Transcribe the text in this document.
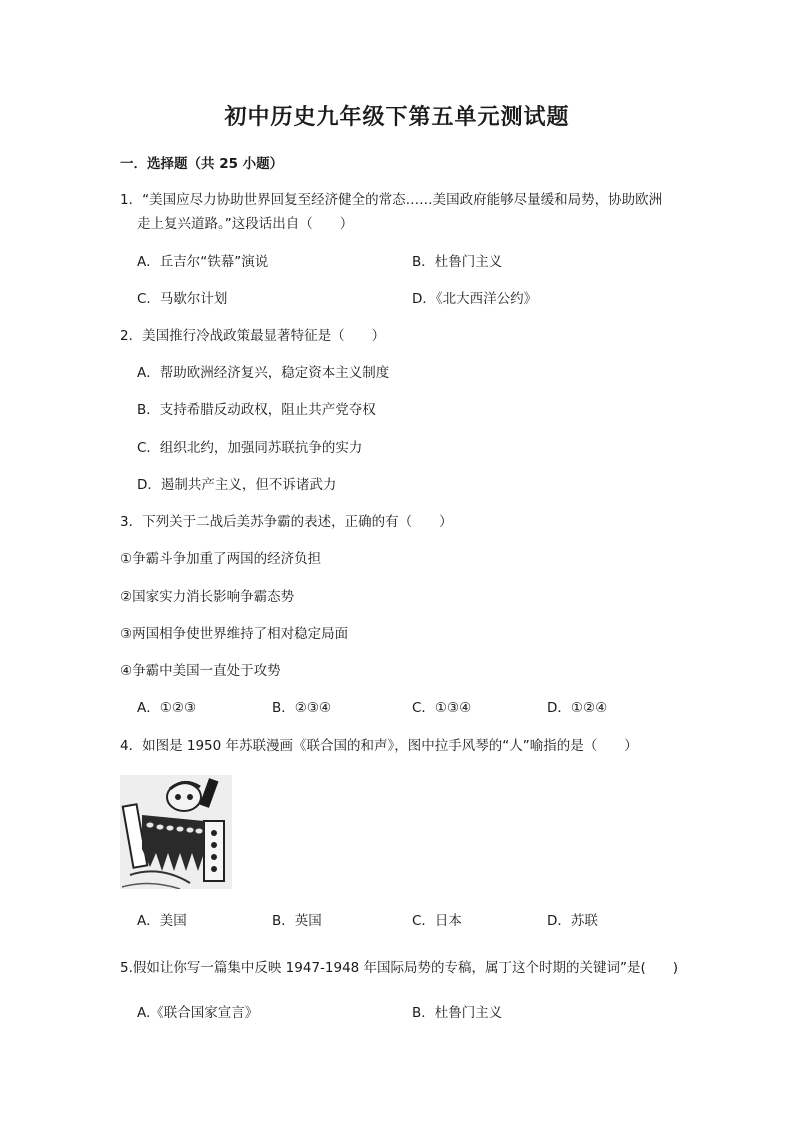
初中历史九年级下第五单元测试题
一．选择题（共 25 小题）
1．“美国应尽力协助世界回复至经济健全的常态……美国政府能够尽量缓和局势，协助欧洲
走上复兴道路。”这段话出自（　　）
A．丘吉尔“铁幕”演说	B．杜鲁门主义
C．马歇尔计划	D．《北大西洋公约》
2．美国推行冷战政策最显著特征是（　　）
A．帮助欧洲经济复兴，稳定资本主义制度
B．支持希腊反动政权，阻止共产党夺权
C．组织北约，加强同苏联抗争的实力
D．遏制共产主义，但不诉诸武力
3．下列关于二战后美苏争霸的表述，正确的有（　　）
①争霸斗争加重了两国的经济负担
②国家实力消长影响争霸态势
③两国相争使世界维持了相对稳定局面
④争霸中美国一直处于攻势
A．①②③	B．②③④	C．①③④	D．①②④
4．如图是 1950 年苏联漫画《联合国的和声》，图中拉手风琴的“人”喻指的是（　　）
A．美国	B．英国	C．日本	D．苏联
5.假如让你写一篇集中反映 1947-1948 年国际局势的专稿，属丁这个时期的关键词”是(　　)
A.《联合国家宣言》	B．杜鲁门主义
